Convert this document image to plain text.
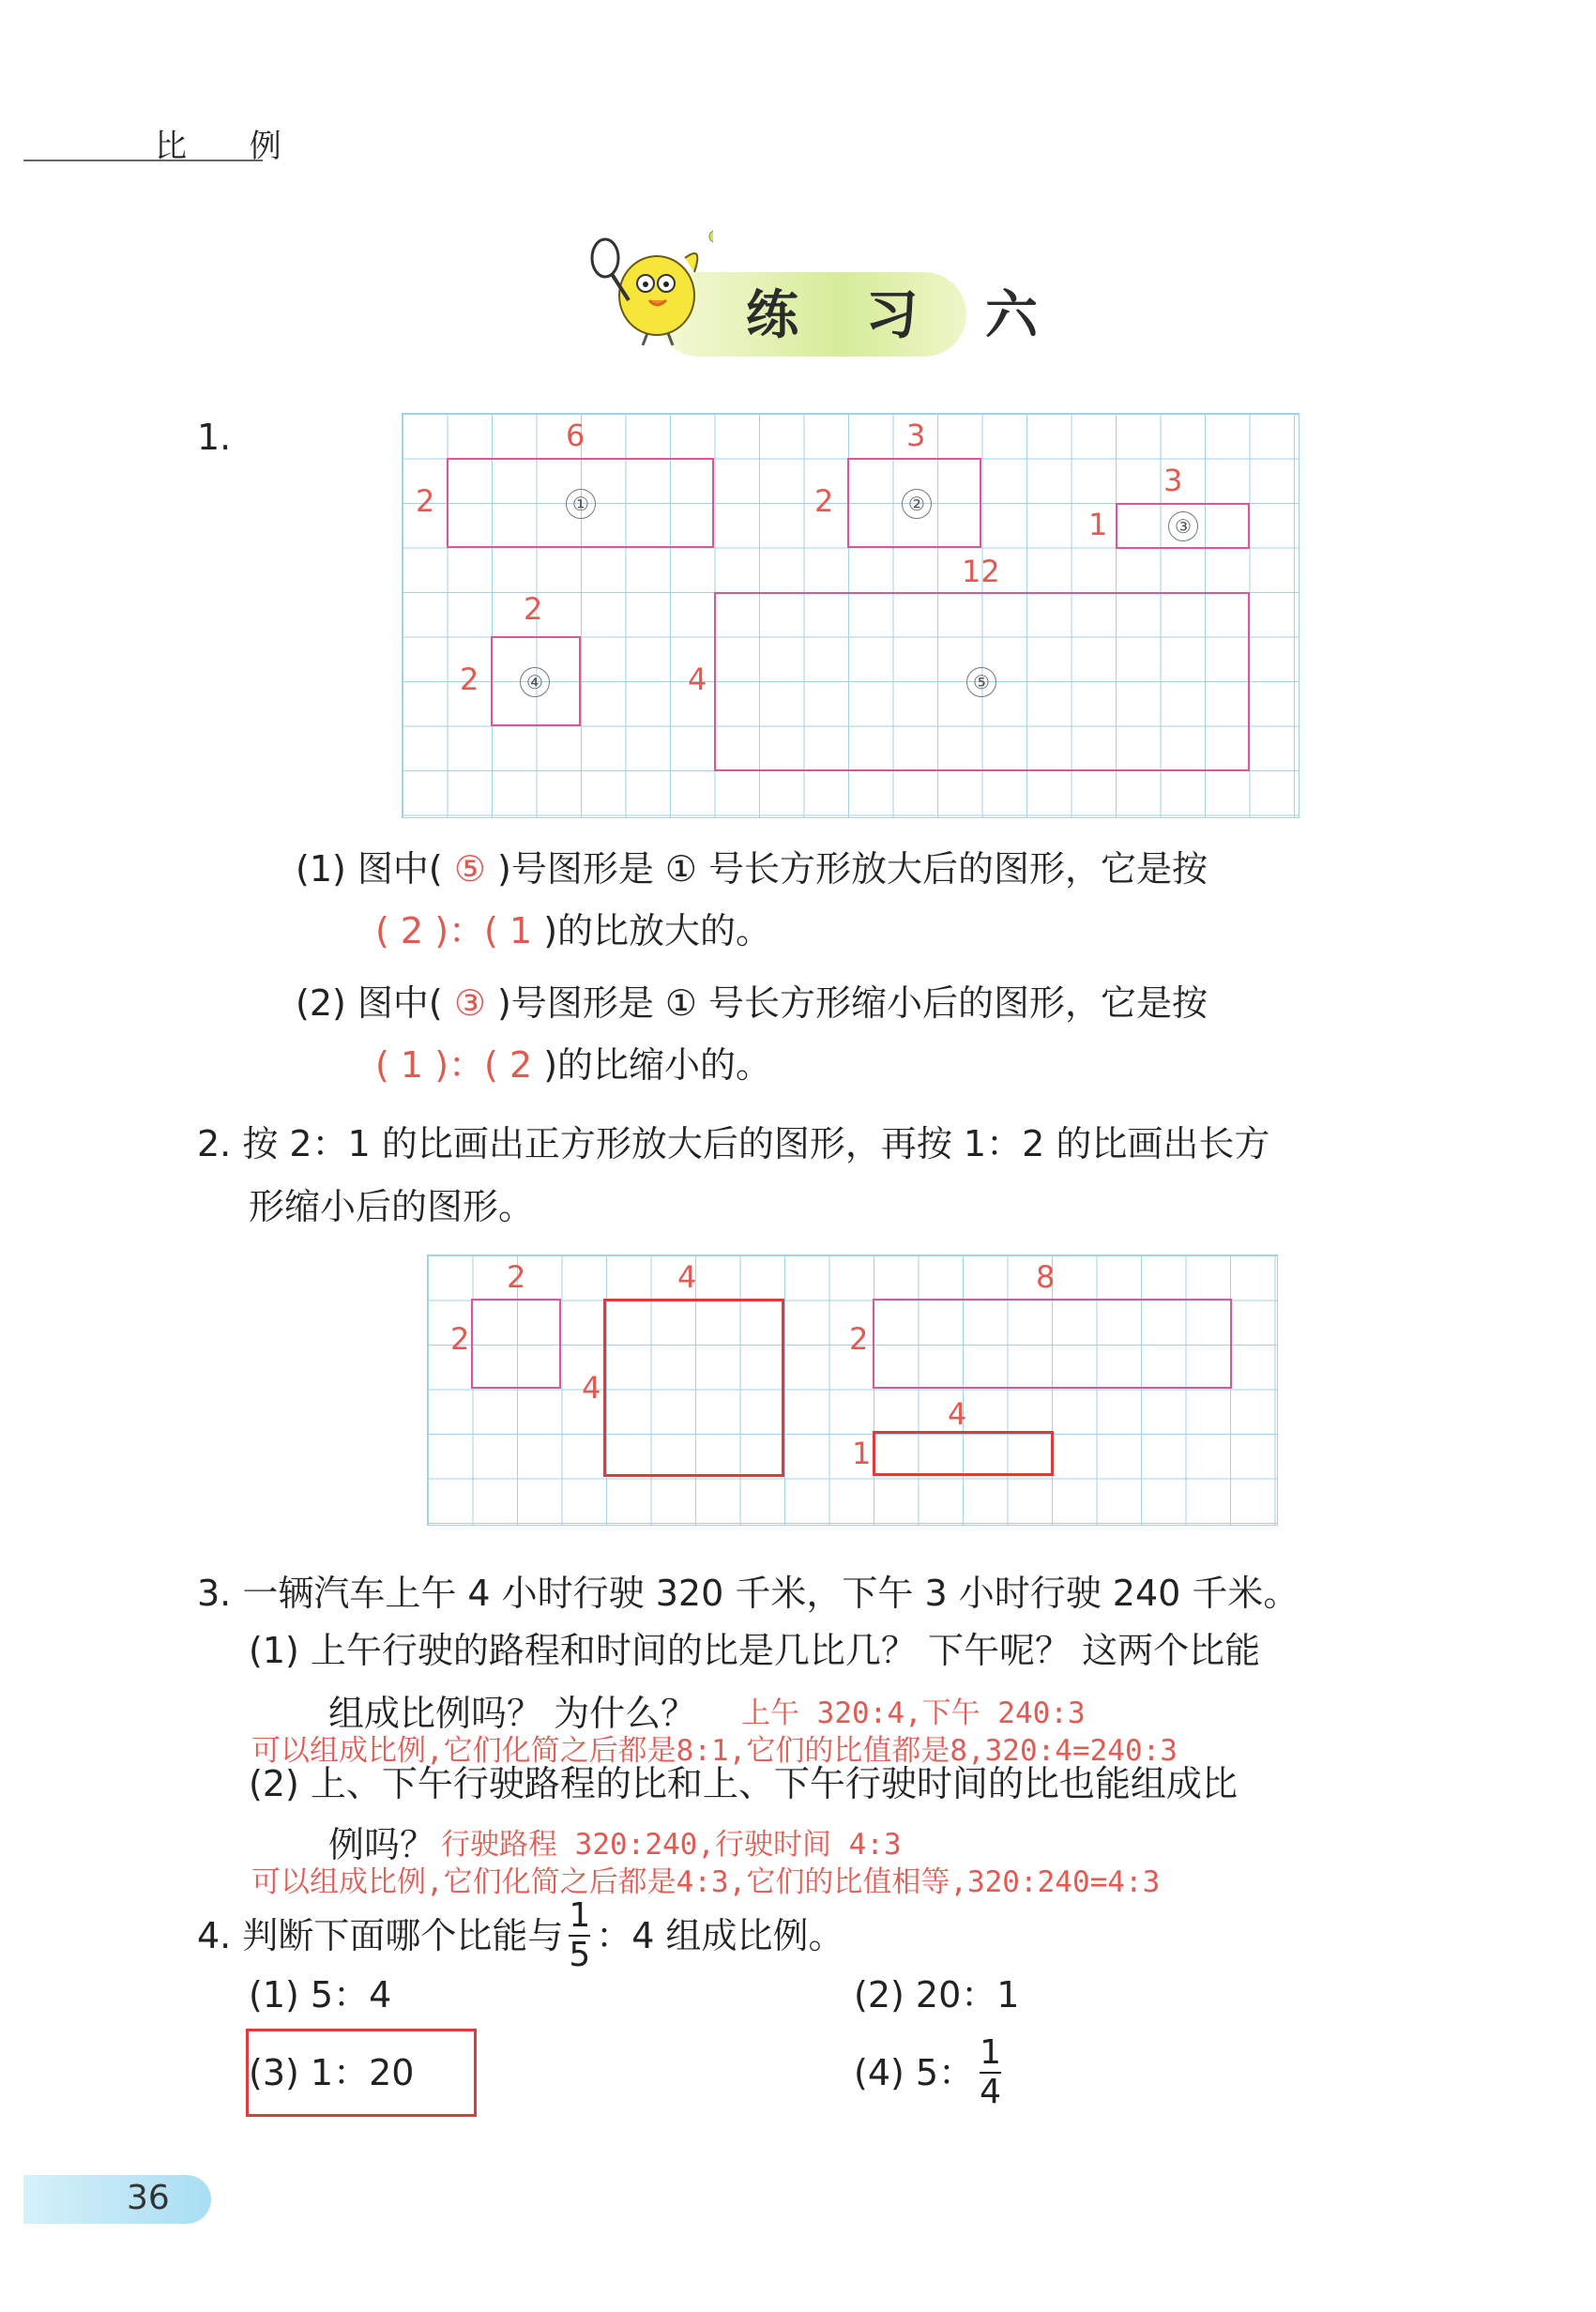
比 例
练 习 六
1.	6
2	①
3
2	②
3
1	③
2
2	④
12
4	⑤
(1) 图中( ⑤ )号图形是 ① 号长方形放大后的图形，它是按
( 2 )：( 1 )的比放大的。
(2) 图中( ③ )号图形是 ① 号长方形缩小后的图形，它是按
( 1 )：( 2 )的比缩小的。
2. 按 2：1 的比画出正方形放大后的图形，再按 1：2 的比画出长方
形缩小后的图形。
2
2
4
4
8
2
4
1
3. 一辆汽车上午 4 小时行驶 320 千米，下午 3 小时行驶 240 千米。
(1) 上午行驶的路程和时间的比是几比几？ 下午呢？ 这两个比能
组成比例吗？ 为什么？ 上午 320:4,下午 240:3
可以组成比例,它们化简之后都是8:1,它们的比值都是8,320:4=240:3
(2) 上、下午行驶路程的比和上、下午行驶时间的比也能组成比
例吗？ 行驶路程 320:240,行驶时间 4:3
可以组成比例,它们化简之后都是4:3,它们的比值相等,320:240=4:3
4. 判断下面哪个比能与 $\frac{1}{5}$ ：4 组成比例。
(1) 5：4	(2) 20：1
(3) 1：20	(4) 5： $\frac{1}{4}$
36
